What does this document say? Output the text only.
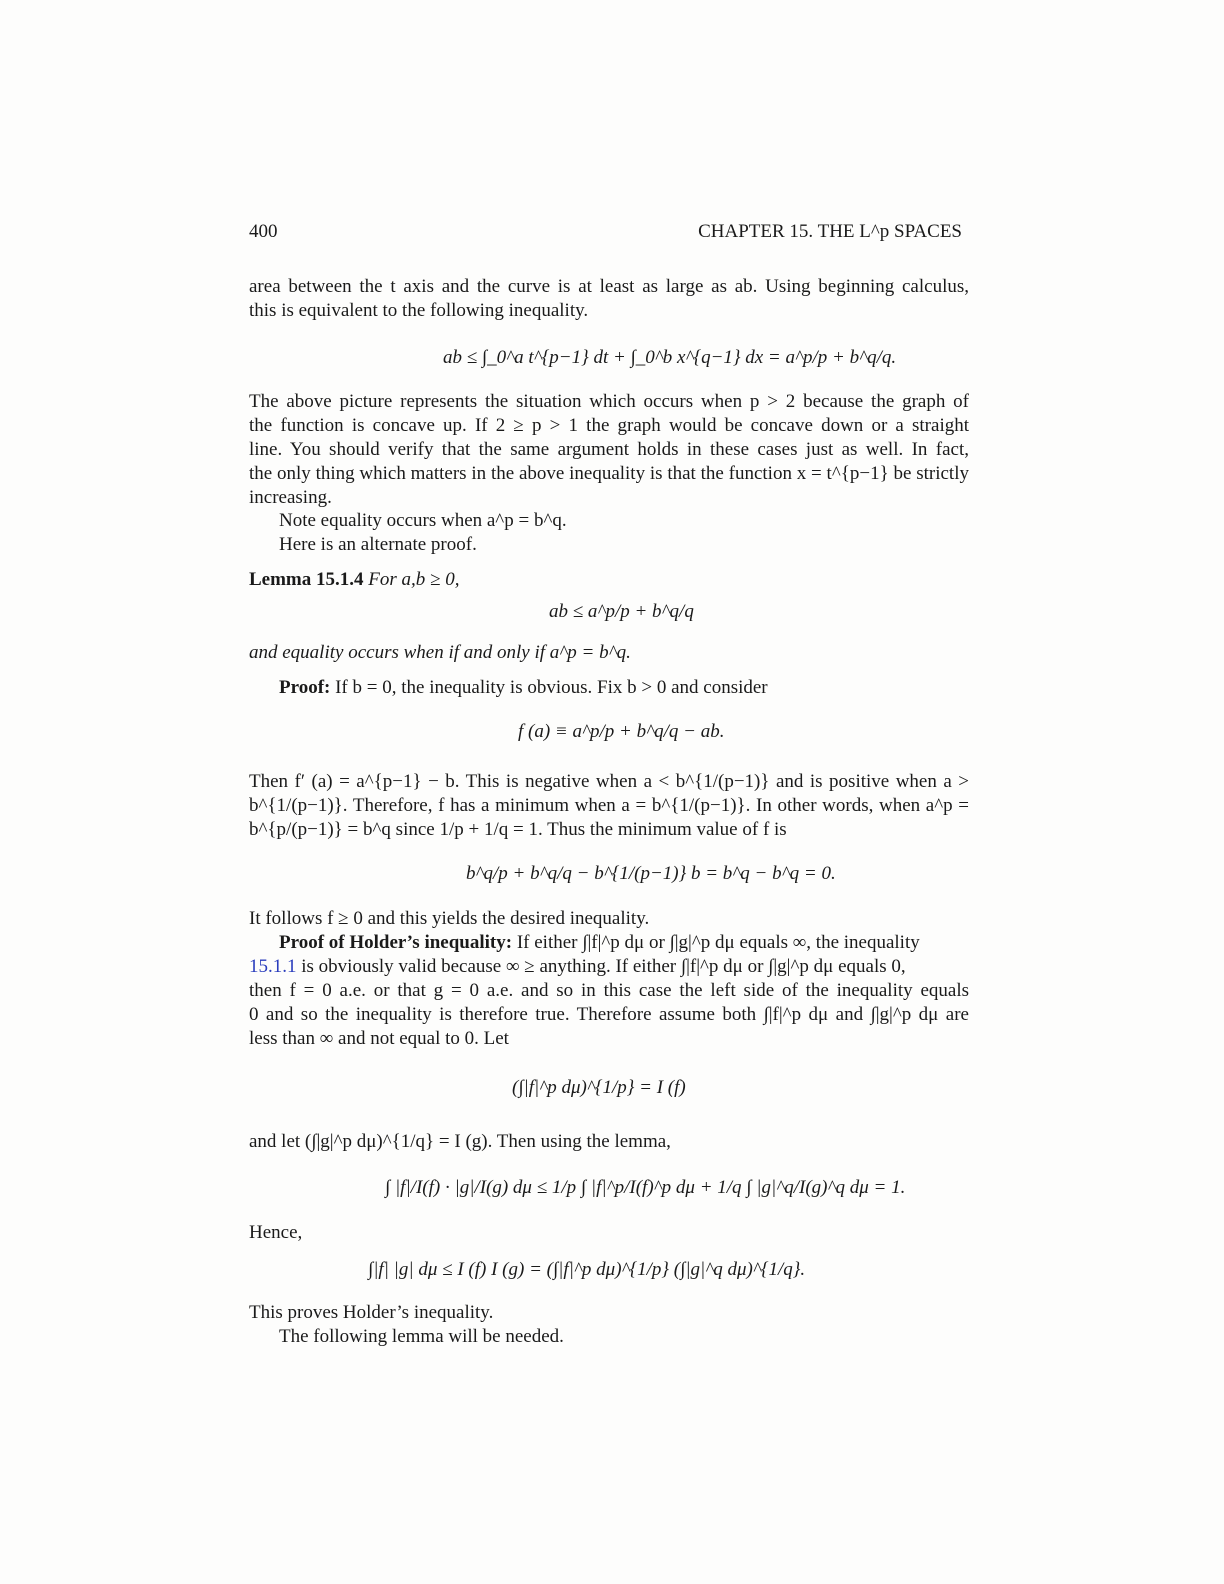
400	CHAPTER 15. THE L^p SPACES
area between the t axis and the curve is at least as large as ab. Using beginning calculus,
this is equivalent to the following inequality.
ab ≤ ∫_0^a t^{p−1} dt + ∫_0^b x^{q−1} dx = a^p/p + b^q/q.
The above picture represents the situation which occurs when p > 2 because the graph of
the function is concave up. If 2 ≥ p > 1 the graph would be concave down or a straight
line. You should verify that the same argument holds in these cases just as well. In fact,
the only thing which matters in the above inequality is that the function x = t^{p−1} be strictly
increasing.
Note equality occurs when a^p = b^q.
Here is an alternate proof.
Lemma 15.1.4 For a,b ≥ 0,
ab ≤ a^p/p + b^q/q
and equality occurs when if and only if a^p = b^q.
Proof: If b = 0, the inequality is obvious. Fix b > 0 and consider
f (a) ≡ a^p/p + b^q/q − ab.
Then f′ (a) = a^{p−1} − b. This is negative when a < b^{1/(p−1)} and is positive when a >
b^{1/(p−1)}. Therefore, f has a minimum when a = b^{1/(p−1)}. In other words, when a^p =
b^{p/(p−1)} = b^q since 1/p + 1/q = 1. Thus the minimum value of f is
b^q/p + b^q/q − b^{1/(p−1)} b = b^q − b^q = 0.
It follows f ≥ 0 and this yields the desired inequality.
Proof of Holder’s inequality: If either ∫|f|^p dμ or ∫|g|^p dμ equals ∞, the inequality
15.1.1 is obviously valid because ∞ ≥ anything. If either ∫|f|^p dμ or ∫|g|^p dμ equals 0,
then f = 0 a.e. or that g = 0 a.e. and so in this case the left side of the inequality equals
0 and so the inequality is therefore true. Therefore assume both ∫|f|^p dμ and ∫|g|^p dμ are
less than ∞ and not equal to 0. Let
(∫|f|^p dμ)^{1/p} = I (f)
and let (∫|g|^p dμ)^{1/q} = I (g). Then using the lemma,
∫ |f|/I(f) · |g|/I(g) dμ ≤ 1/p ∫ |f|^p/I(f)^p dμ + 1/q ∫ |g|^q/I(g)^q dμ = 1.
Hence,
∫|f| |g| dμ ≤ I (f) I (g) = (∫|f|^p dμ)^{1/p} (∫|g|^q dμ)^{1/q}.
This proves Holder’s inequality.
The following lemma will be needed.
